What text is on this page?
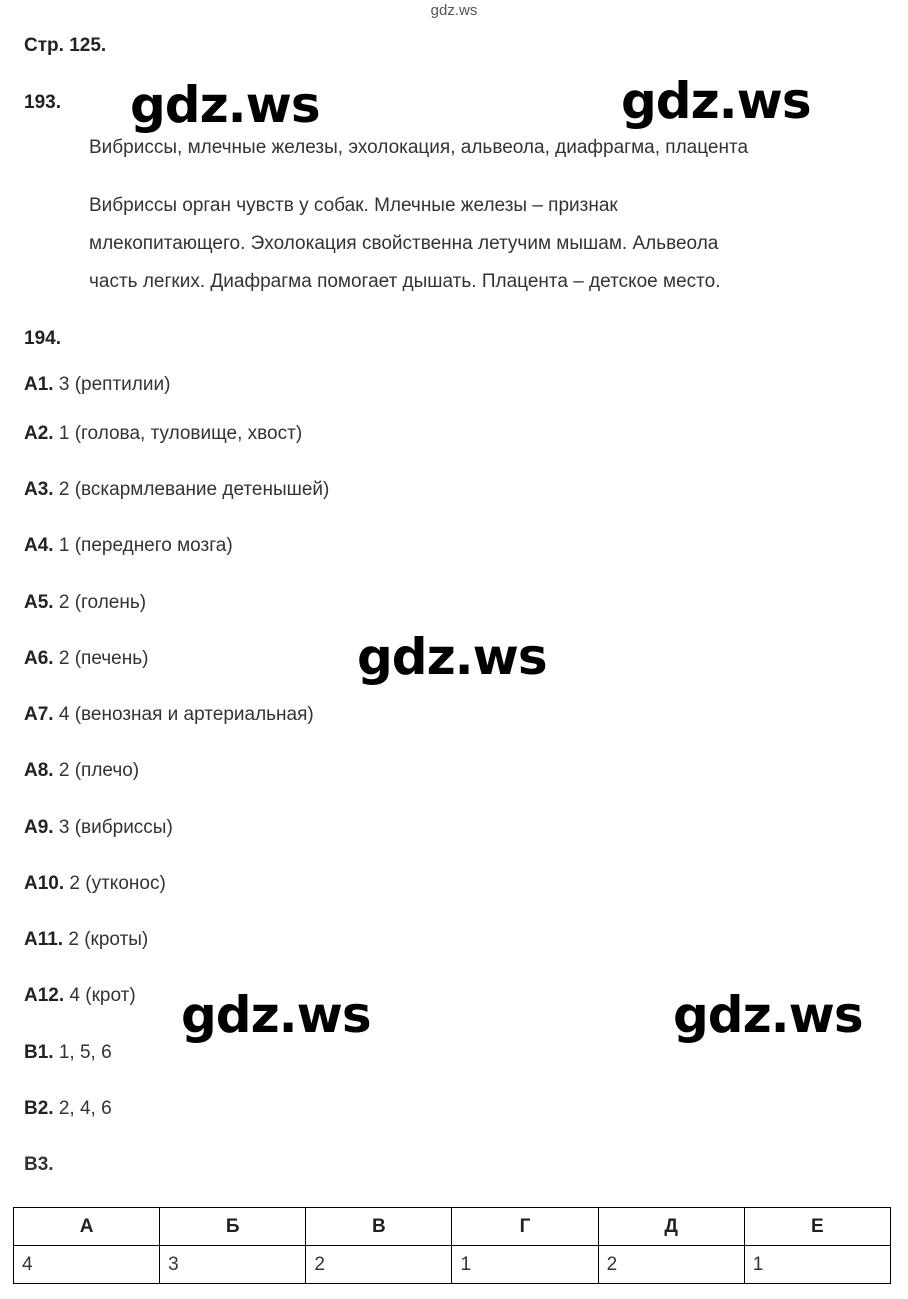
gdz.ws
Стр. 125.
193.
Вибриссы, млечные железы, эхолокация, альвеола, диафрагма, плацента
Вибриссы орган чувств у собак. Млечные железы – признак
млекопитающего. Эхолокация свойственна летучим мышам. Альвеола
часть легких. Диафрагма помогает дышать. Плацента – детское место.
194.
А1. 3 (рептилии)
А2. 1 (голова, туловище, хвост)
А3. 2 (вскармлевание детенышей)
А4. 1 (переднего мозга)
А5. 2 (голень)
А6. 2 (печень)
А7. 4 (венозная и артериальная)
А8. 2 (плечо)
А9. 3 (вибриссы)
А10. 2 (утконос)
А11. 2 (кроты)
А12. 4 (крот)
В1. 1, 5, 6
В2. 2, 4, 6
В3.
А	Б	В	Г	Д	Е
4	3	2	1	2	1
gdz.ws	gdz.ws
gdz.ws
gdz.ws	gdz.ws
